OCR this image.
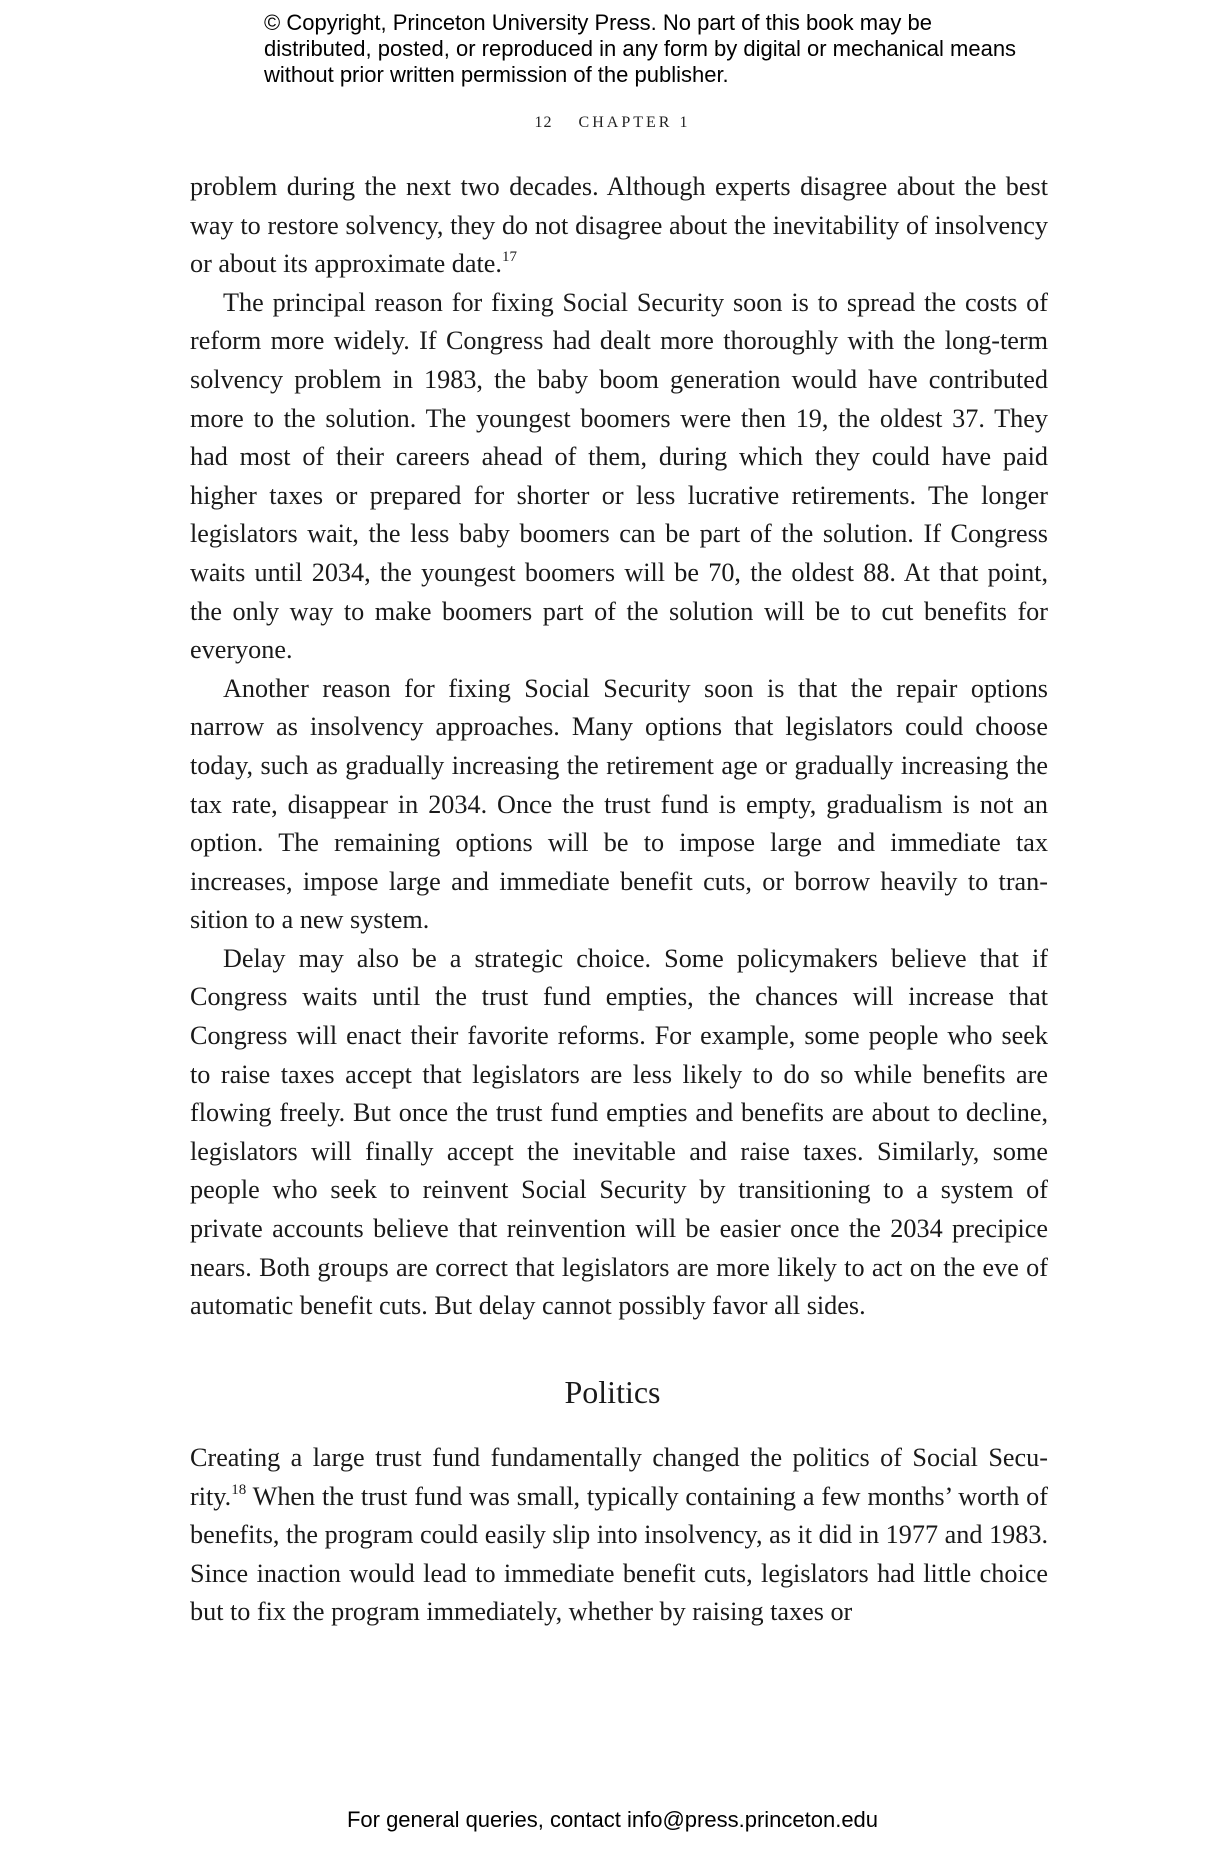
© Copyright, Princeton University Press. No part of this book may be distributed, posted, or reproduced in any form by digital or mechanical means without prior written permission of the publisher.
12 CHAPTER 1

problem during the next two decades. Although experts disagree about the best way to restore solvency, they do not disagree about the inevitability of insolvency or about its approximate date.$^{17}$

The principal reason for fixing Social Security soon is to spread the costs of reform more widely. If Congress had dealt more thoroughly with the long-term solvency problem in 1983, the baby boom generation would have contributed more to the solution. The youngest boomers were then 19, the oldest 37. They had most of their careers ahead of them, during which they could have paid higher taxes or prepared for shorter or less lucrative retirements. The longer legislators wait, the less baby boomers can be part of the solution. If Congress waits until 2034, the youngest boomers will be 70, the oldest 88. At that point, the only way to make boomers part of the solution will be to cut benefits for everyone.

Another reason for fixing Social Security soon is that the repair options narrow as insolvency approaches. Many options that legislators could choose today, such as gradually increasing the retirement age or gradually increasing the tax rate, disappear in 2034. Once the trust fund is empty, gradualism is not an option. The remaining options will be to impose large and immediate tax increases, impose large and immediate benefit cuts, or borrow heavily to transition to a new system.

Delay may also be a strategic choice. Some policymakers believe that if Congress waits until the trust fund empties, the chances will increase that Congress will enact their favorite reforms. For example, some people who seek to raise taxes accept that legislators are less likely to do so while benefits are flowing freely. But once the trust fund empties and benefits are about to decline, legislators will finally accept the inevitable and raise taxes. Similarly, some people who seek to reinvent Social Security by transitioning to a system of private accounts believe that reinvention will be easier once the 2034 precipice nears. Both groups are correct that legislators are more likely to act on the eve of automatic benefit cuts. But delay cannot possibly favor all sides.

Politics

Creating a large trust fund fundamentally changed the politics of Social Security.$^{18}$ When the trust fund was small, typically containing a few months’ worth of benefits, the program could easily slip into insolvency, as it did in 1977 and 1983. Since inaction would lead to immediate benefit cuts, legislators had little choice but to fix the program immediately, whether by raising taxes or

For general queries, contact info@press.princeton.edu
